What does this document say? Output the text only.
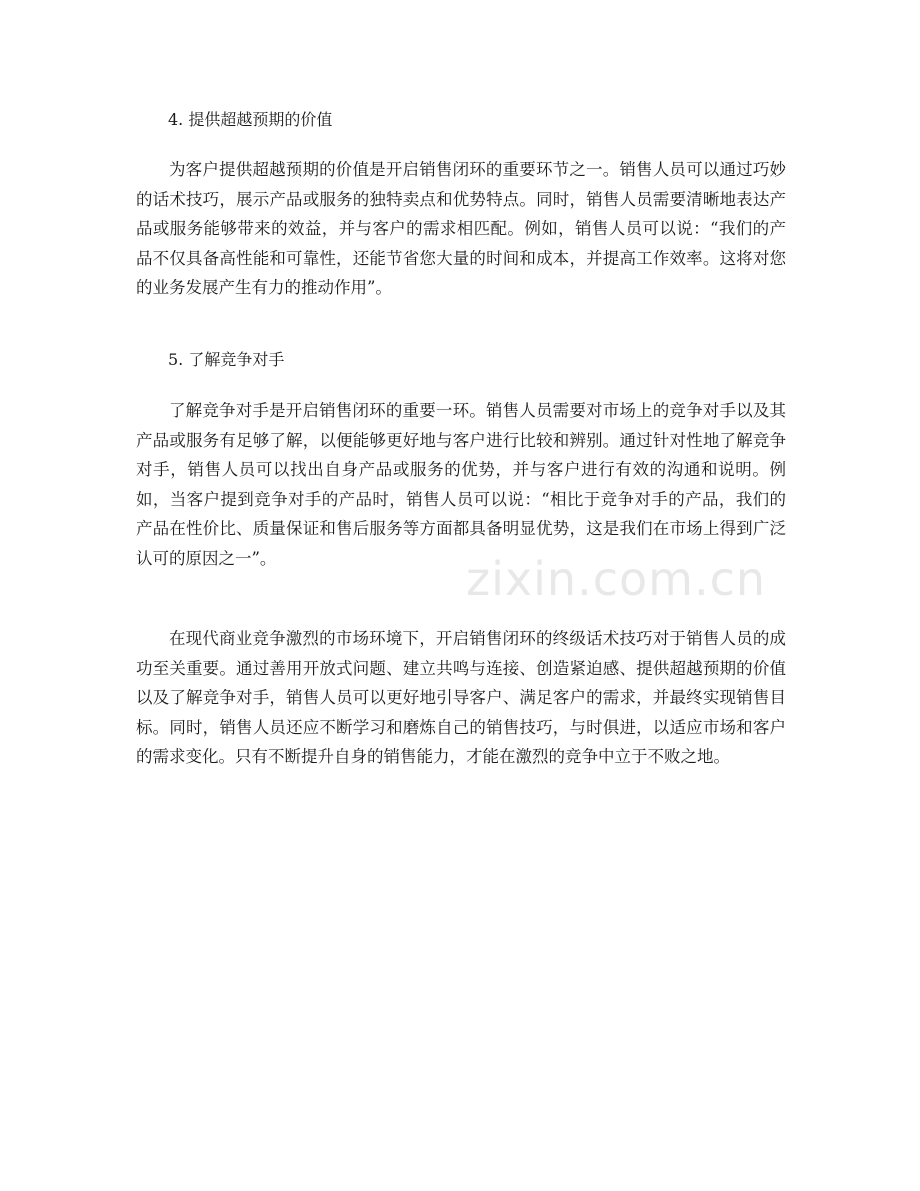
4. 提供超越预期的价值
为客户提供超越预期的价值是开启销售闭环的重要环节之一。销售人员可以通过巧妙的话术技巧，展示产品或服务的独特卖点和优势特点。同时，销售人员需要清晰地表达产品或服务能够带来的效益，并与客户的需求相匹配。例如，销售人员可以说：“我们的产品不仅具备高性能和可靠性，还能节省您大量的时间和成本，并提高工作效率。这将对您的业务发展产生有力的推动作用”。
5. 了解竞争对手
了解竞争对手是开启销售闭环的重要一环。销售人员需要对市场上的竞争对手以及其产品或服务有足够了解，以便能够更好地与客户进行比较和辨别。通过针对性地了解竞争对手，销售人员可以找出自身产品或服务的优势，并与客户进行有效的沟通和说明。例如，当客户提到竞争对手的产品时，销售人员可以说：“相比于竞争对手的产品，我们的产品在性价比、质量保证和售后服务等方面都具备明显优势，这是我们在市场上得到广泛认可的原因之一”。
在现代商业竞争激烈的市场环境下，开启销售闭环的终级话术技巧对于销售人员的成功至关重要。通过善用开放式问题、建立共鸣与连接、创造紧迫感、提供超越预期的价值以及了解竞争对手，销售人员可以更好地引导客户、满足客户的需求，并最终实现销售目标。同时，销售人员还应不断学习和磨炼自己的销售技巧，与时俱进，以适应市场和客户的需求变化。只有不断提升自身的销售能力，才能在激烈的竞争中立于不败之地。
zixin.com.cn
